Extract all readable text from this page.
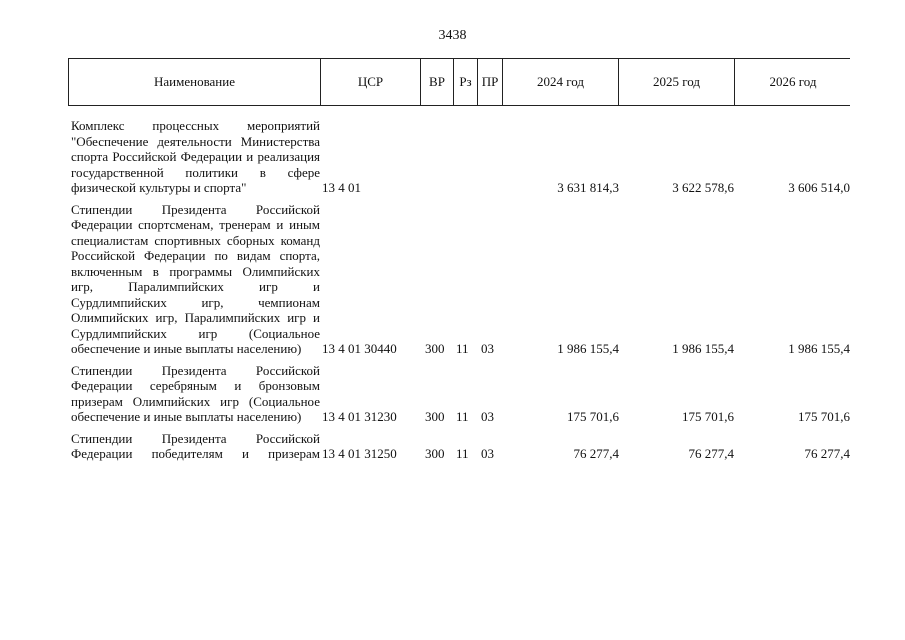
3438
Наименование	ЦСР	ВР	Рз ПР	2024 год	2025 год	2026 год
Комплекс процессных мероприятий "Обеспечение деятельности Министерства спорта Российской Федерации и реализация государственной политики в сфере физической культуры и спорта"	13 4 01	3 631 814,3	3 622 578,6	3 606 514,0
Стипендии Президента Российской Федерации спортсменам, тренерам и иным специалистам спортивных сборных команд Российской Федерации по видам спорта, включенным в программы Олимпийских игр, Паралимпийских игр и Сурдлимпийских игр, чемпионам Олимпийских игр, Паралимпийских игр и Сурдлимпийских игр (Социальное обеспечение и иные выплаты населению)	13 4 01 30440 300 11 03	1 986 155,4	1 986 155,4	1 986 155,4
Стипендии Президента Российской Федерации серебряным и бронзовым призерам Олимпийских игр (Социальное обеспечение и иные выплаты населению)	13 4 01 31230 300 11 03	175 701,6	175 701,6	175 701,6
Стипендии Президента Российской Федерации победителям и призерам 13 4 01 31250 300 11 03	76 277,4	76 277,4	76 277,4
